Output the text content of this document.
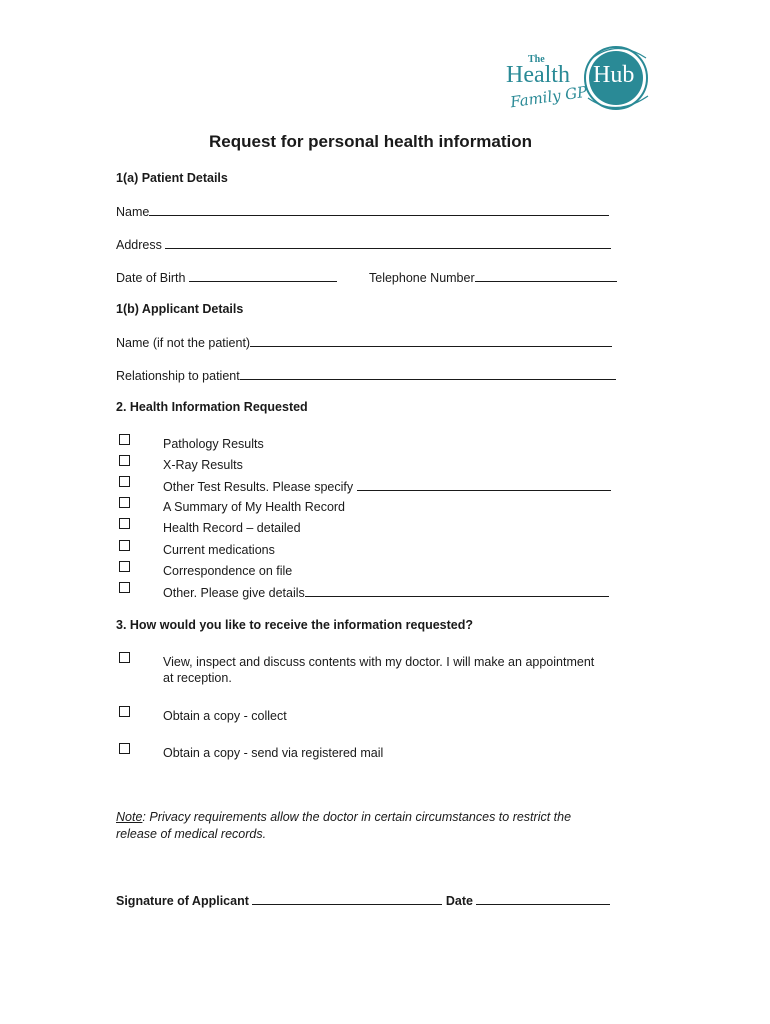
The
Health Hub
Family GP
Request for personal health information
1(a) Patient Details
Name
Address
Date of Birth	Telephone Number
1(b) Applicant Details
Name (if not the patient)
Relationship to patient
2. Health Information Requested
Pathology Results
X-Ray Results
Other Test Results. Please specify
A Summary of My Health Record
Health Record – detailed
Current medications
Correspondence on file
Other. Please give details
3. How would you like to receive the information requested?
View, inspect and discuss contents with my doctor. I will make an appointment
at reception.
Obtain a copy - collect
Obtain a copy - send via registered mail
Note: Privacy requirements allow the doctor in certain circumstances to restrict the
release of medical records.
Signature of Applicant	Date
